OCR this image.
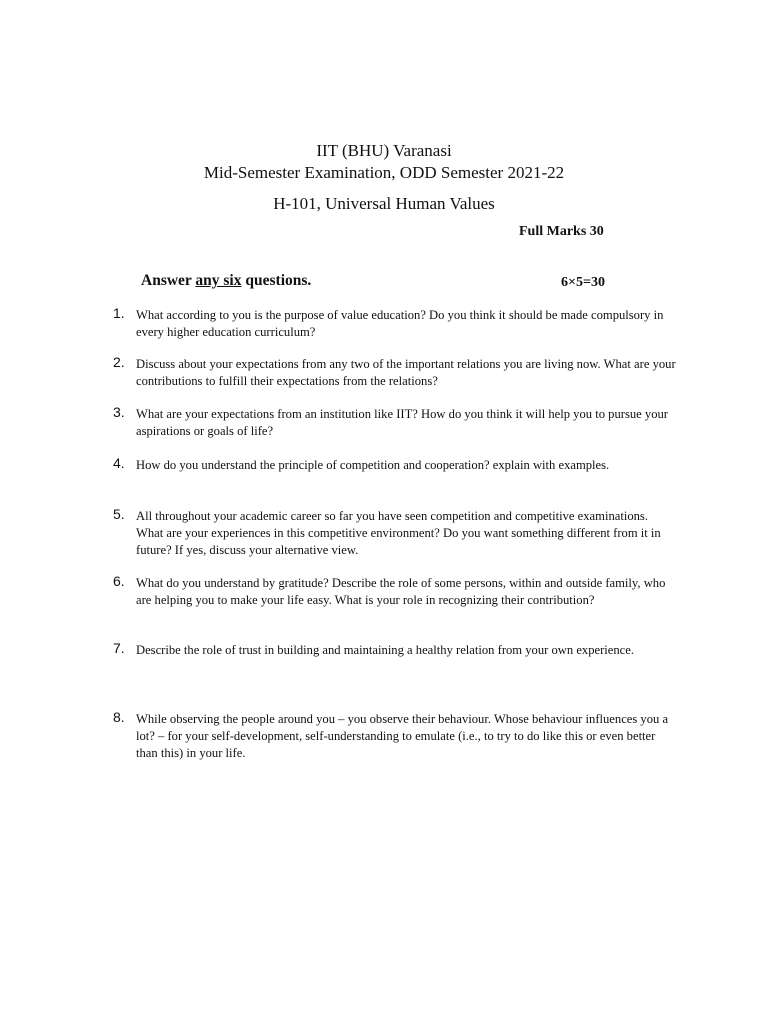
IIT (BHU) Varanasi
Mid-Semester Examination, ODD Semester 2021-22
H-101, Universal Human Values
Full Marks 30
Answer any six questions.	6×5=30
1. What according to you is the purpose of value education? Do you think it should be made compulsory in every higher education curriculum?
2. Discuss about your expectations from any two of the important relations you are living now. What are your contributions to fulfill their expectations from the relations?
3. What are your expectations from an institution like IIT? How do you think it will help you to pursue your aspirations or goals of life?
4. How do you understand the principle of competition and cooperation? explain with examples.
5. All throughout your academic career so far you have seen competition and competitive examinations. What are your experiences in this competitive environment? Do you want something different from it in future? If yes, discuss your alternative view.
6. What do you understand by gratitude? Describe the role of some persons, within and outside family, who are helping you to make your life easy. What is your role in recognizing their contribution?
7. Describe the role of trust in building and maintaining a healthy relation from your own experience.
8. While observing the people around you – you observe their behaviour. Whose behaviour influences you a lot? – for your self-development, self-understanding to emulate (i.e., to try to do like this or even better than this) in your life.
